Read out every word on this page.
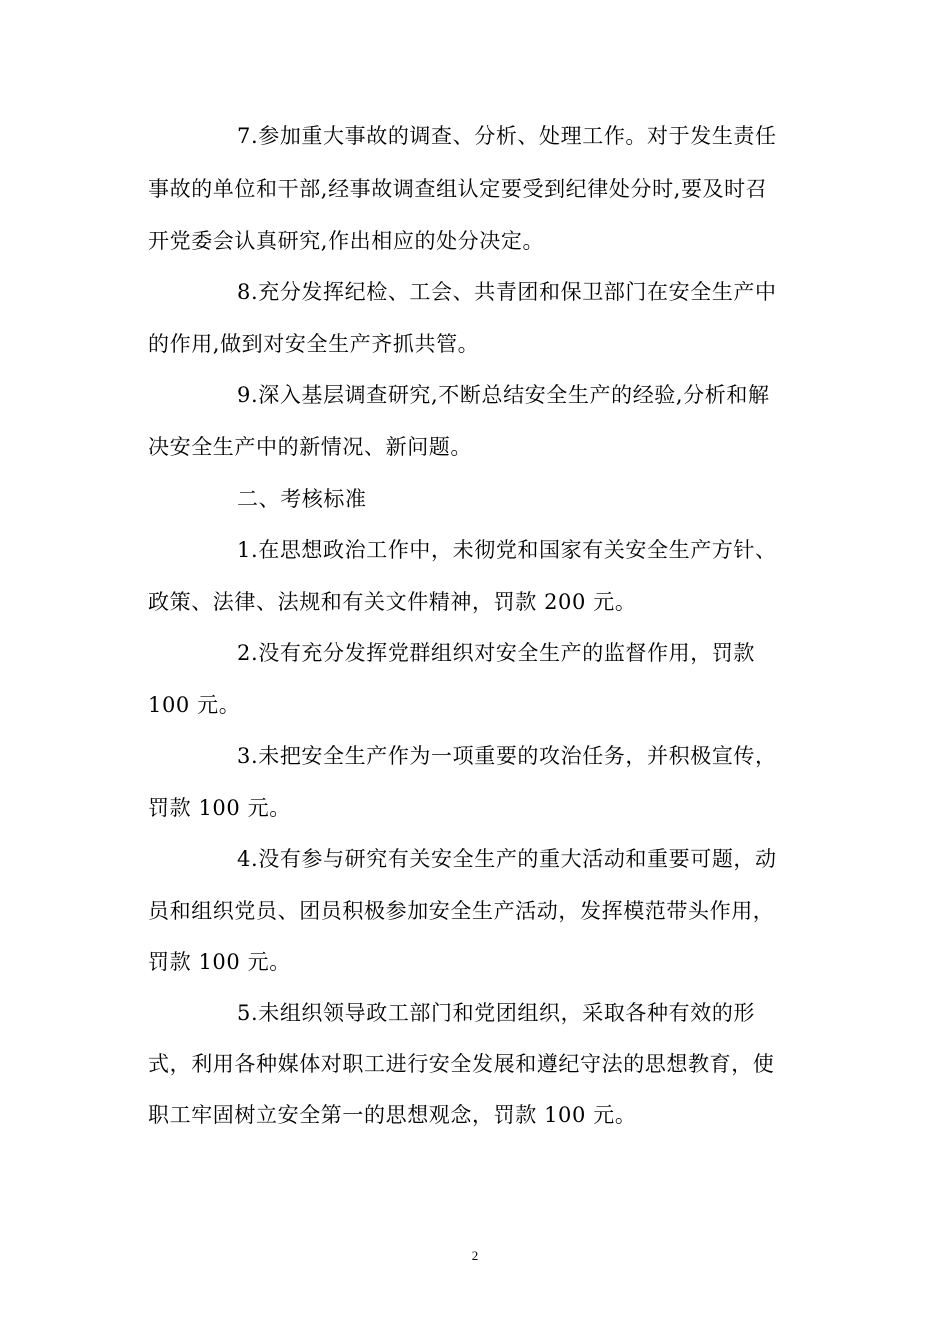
7.参加重大事故的调查、分析、处理工作。对于发生责任
事故的单位和干部,经事故调查组认定要受到纪律处分时,要及时召
开党委会认真研究,作出相应的处分决定。
8.充分发挥纪检、工会、共青团和保卫部门在安全生产中
的作用,做到对安全生产齐抓共管。
9.深入基层调查研究,不断总结安全生产的经验,分析和解
决安全生产中的新情况、新问题。
二、考核标准
1.在思想政治工作中，未彻党和国家有关安全生产方针、
政策、法律、法规和有关文件精神，罚款 200 元。
2.没有充分发挥党群组织对安全生产的监督作用，罚款
100 元。
3.未把安全生产作为一项重要的攻治任务，并积极宣传，
罚款 100 元。
4.没有参与研究有关安全生产的重大活动和重要可题，动
员和组织党员、团员积极参加安全生产活动，发挥模范带头作用，
罚款 100 元。
5.未组织领导政工部门和党团组织，采取各种有效的形
式，利用各种媒体对职工进行安全发展和遵纪守法的思想教育，使
职工牢固树立安全第一的思想观念，罚款 100 元。
2
